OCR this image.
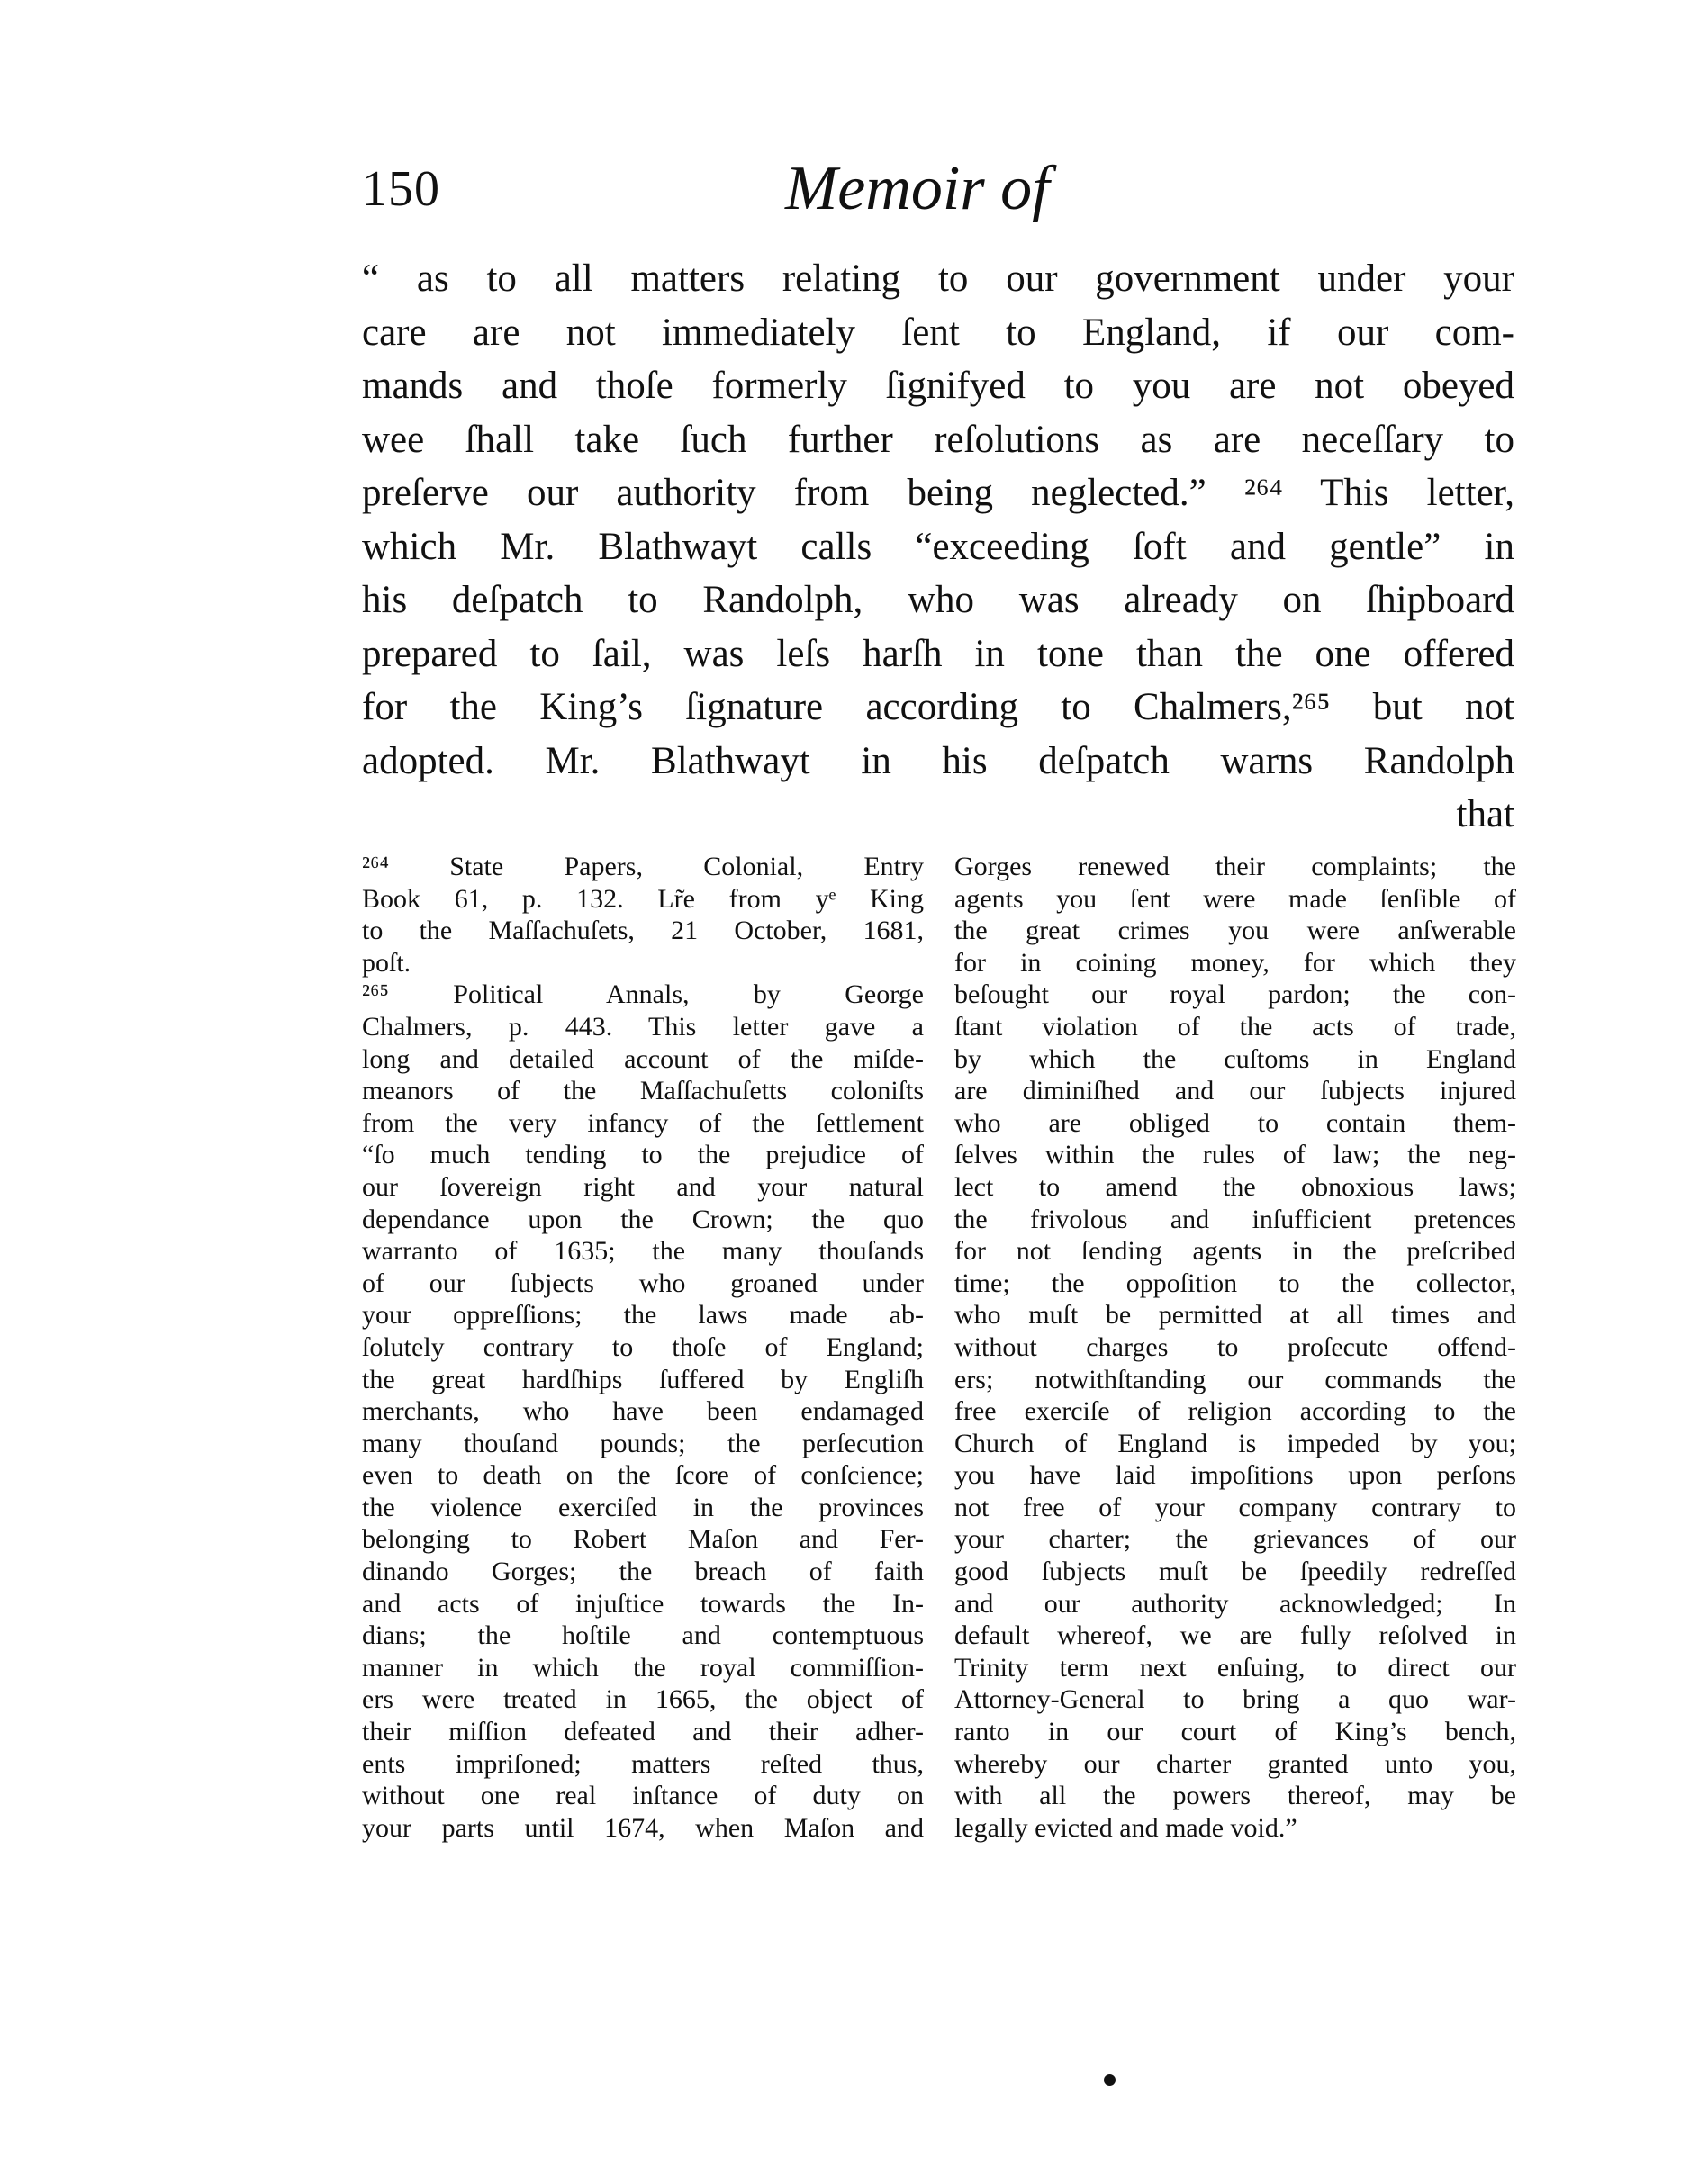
150	Memoir of
“ as to all matters relating to our government under your
care are not immediately ſent to England, if our com-
mands and thoſe formerly ſignifyed to you are not obeyed
wee ſhall take ſuch further reſolutions as are neceſſary to
preſerve our authority from being neglected.” ²⁶⁴ This letter,
which Mr. Blathwayt calls “exceeding ſoft and gentle” in
his deſpatch to Randolph, who was already on ſhipboard
prepared to ſail, was leſs harſh in tone than the one offered
for the King’s ſignature according to Chalmers,²⁶⁵ but not
adopted. Mr. Blathwayt in his deſpatch warns Randolph
that
²⁶⁴ State Papers, Colonial, Entry
Book 61, p. 132. Lr̃e from yᵉ King
to the Maſſachuſets, 21 October, 1681,
poſt.
²⁶⁵ Political Annals, by George
Chalmers, p. 443. This letter gave a
long and detailed account of the miſde-
meanors of the Maſſachuſetts coloniſts
from the very infancy of the ſettlement
“ſo much tending to the prejudice of
our ſovereign right and your natural
dependance upon the Crown; the quo
warranto of 1635; the many thouſands
of our ſubjects who groaned under
your oppreſſions; the laws made ab-
ſolutely contrary to thoſe of England;
the great hardſhips ſuffered by Engliſh
merchants, who have been endamaged
many thouſand pounds; the perſecution
even to death on the ſcore of conſcience;
the violence exerciſed in the provinces
belonging to Robert Maſon and Fer-
dinando Gorges; the breach of faith
and acts of injuſtice towards the In-
dians; the hoſtile and contemptuous
manner in which the royal commiſſion-
ers were treated in 1665, the object of
their miſſion defeated and their adher-
ents impriſoned; matters reſted thus,
without one real inſtance of duty on
your parts until 1674, when Maſon and
Gorges renewed their complaints; the
agents you ſent were made ſenſible of
the great crimes you were anſwerable
for in coining money, for which they
beſought our royal pardon; the con-
ſtant violation of the acts of trade,
by which the cuſtoms in England
are diminiſhed and our ſubjects injured
who are obliged to contain them-
ſelves within the rules of law; the neg-
lect to amend the obnoxious laws;
the frivolous and inſufficient pretences
for not ſending agents in the preſcribed
time; the oppoſition to the collector,
who muſt be permitted at all times and
without charges to proſecute offend-
ers; notwithſtanding our commands the
free exerciſe of religion according to the
Church of England is impeded by you;
you have laid impoſitions upon perſons
not free of your company contrary to
your charter; the grievances of our
good ſubjects muſt be ſpeedily redreſſed
and our authority acknowledged; In
default whereof, we are fully reſolved in
Trinity term next enſuing, to direct our
Attorney-General to bring a quo war-
ranto in our court of King’s bench,
whereby our charter granted unto you,
with all the powers thereof, may be
legally evicted and made void.”
